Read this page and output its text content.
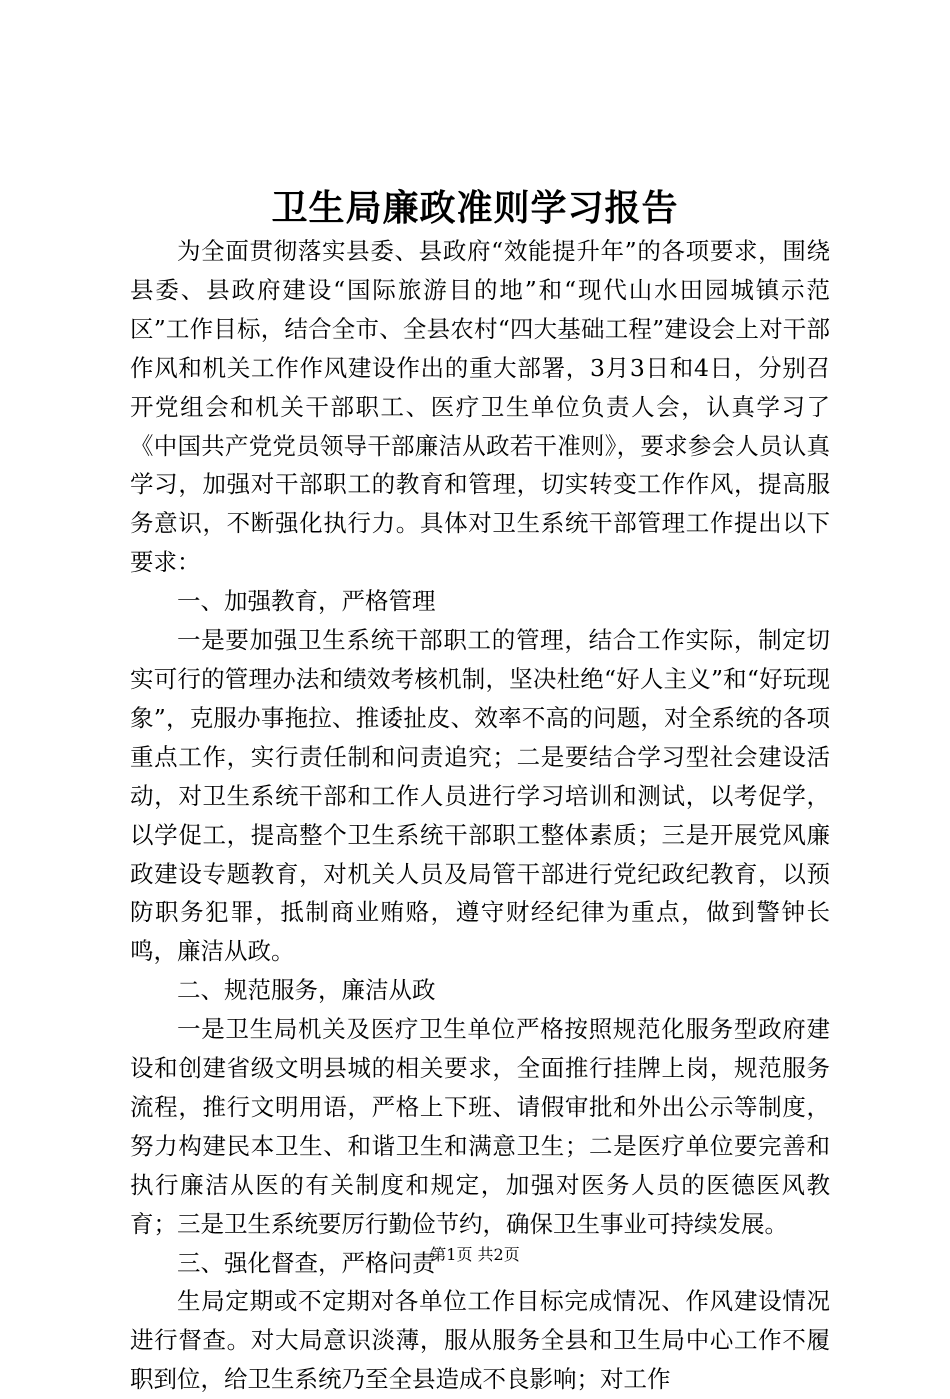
卫生局廉政准则学习报告

为全面贯彻落实县委、县政府“效能提升年”的各项要求，围绕县委、县政府建设“国际旅游目的地”和“现代山水田园城镇示范区”工作目标，结合全市、全县农村“四大基础工程”建设会上对干部作风和机关工作作风建设作出的重大部署，3月3日和4日，分别召开党组会和机关干部职工、医疗卫生单位负责人会，认真学习了《中国共产党党员领导干部廉洁从政若干准则》，要求参会人员认真学习，加强对干部职工的教育和管理，切实转变工作作风，提高服务意识，不断强化执行力。具体对卫生系统干部管理工作提出以下要求：

一、加强教育，严格管理

一是要加强卫生系统干部职工的管理，结合工作实际，制定切实可行的管理办法和绩效考核机制，坚决杜绝“好人主义”和“好玩现象”，克服办事拖拉、推诿扯皮、效率不高的问题，对全系统的各项重点工作，实行责任制和问责追究；二是要结合学习型社会建设活动，对卫生系统干部和工作人员进行学习培训和测试，以考促学，以学促工，提高整个卫生系统干部职工整体素质；三是开展党风廉政建设专题教育，对机关人员及局管干部进行党纪政纪教育，以预防职务犯罪，抵制商业贿赂，遵守财经纪律为重点，做到警钟长鸣，廉洁从政。

二、规范服务，廉洁从政

一是卫生局机关及医疗卫生单位严格按照规范化服务型政府建设和创建省级文明县城的相关要求，全面推行挂牌上岗，规范服务流程，推行文明用语，严格上下班、请假审批和外出公示等制度，努力构建民本卫生、和谐卫生和满意卫生；二是医疗单位要完善和执行廉洁从医的有关制度和规定，加强对医务人员的医德医风教育；三是卫生系统要厉行勤俭节约，确保卫生事业可持续发展。

三、强化督查，严格问责

生局定期或不定期对各单位工作目标完成情况、作风建设情况进行督查。对大局意识淡薄，服从服务全县和卫生局中心工作不履职到位，给卫生系统乃至全县造成不良影响；对工作

第1页 共2页
